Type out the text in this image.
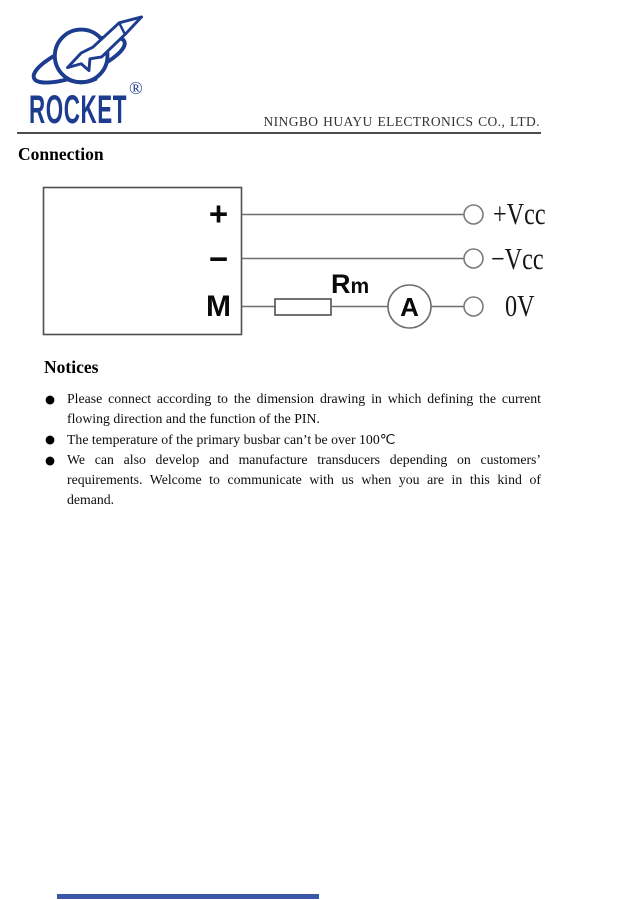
ROCKET ®
NINGBO HUAYU ELECTRONICS CO., LTD.
Connection
+
−
M
Rm
A
+Vcc
−Vcc
0V
Notices
● Please connect according to the dimension drawing in which defining the current flowing direction and the function of the PIN.
● The temperature of the primary busbar can’t be over 100℃
● We can also develop and manufacture transducers depending on customers’ requirements. Welcome to communicate with us when you are in this kind of demand.
